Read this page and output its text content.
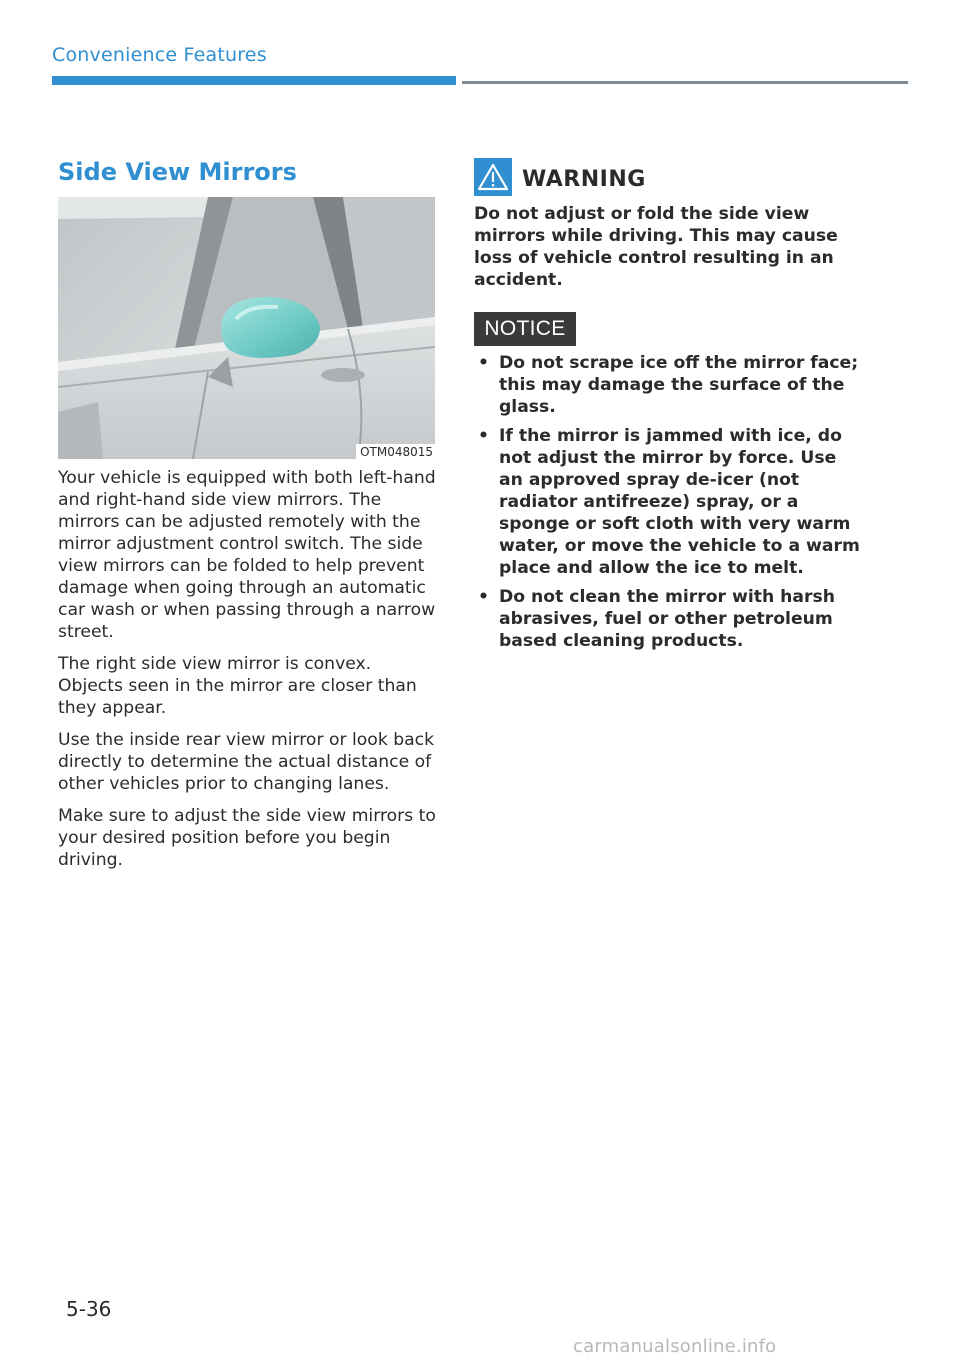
Convenience Features
Side View Mirrors
OTM048015

Your vehicle is equipped with both left-hand and right-hand side view mirrors. The mirrors can be adjusted remotely with the mirror adjustment control switch. The side view mirrors can be folded to help prevent damage when going through an automatic car wash or when passing through a narrow street.

The right side view mirror is convex. Objects seen in the mirror are closer than they appear.

Use the inside rear view mirror or look back directly to determine the actual distance of other vehicles prior to changing lanes.

Make sure to adjust the side view mirrors to your desired position before you begin driving.

WARNING

Do not adjust or fold the side view mirrors while driving. This may cause loss of vehicle control resulting in an accident.

NOTICE
• Do not scrape ice off the mirror face; this may damage the surface of the glass.
• If the mirror is jammed with ice, do not adjust the mirror by force. Use an approved spray de-icer (not radiator antifreeze) spray, or a sponge or soft cloth with very warm water, or move the vehicle to a warm place and allow the ice to melt.
• Do not clean the mirror with harsh abrasives, fuel or other petroleum based cleaning products.
5-36
carmanualsonline.info
